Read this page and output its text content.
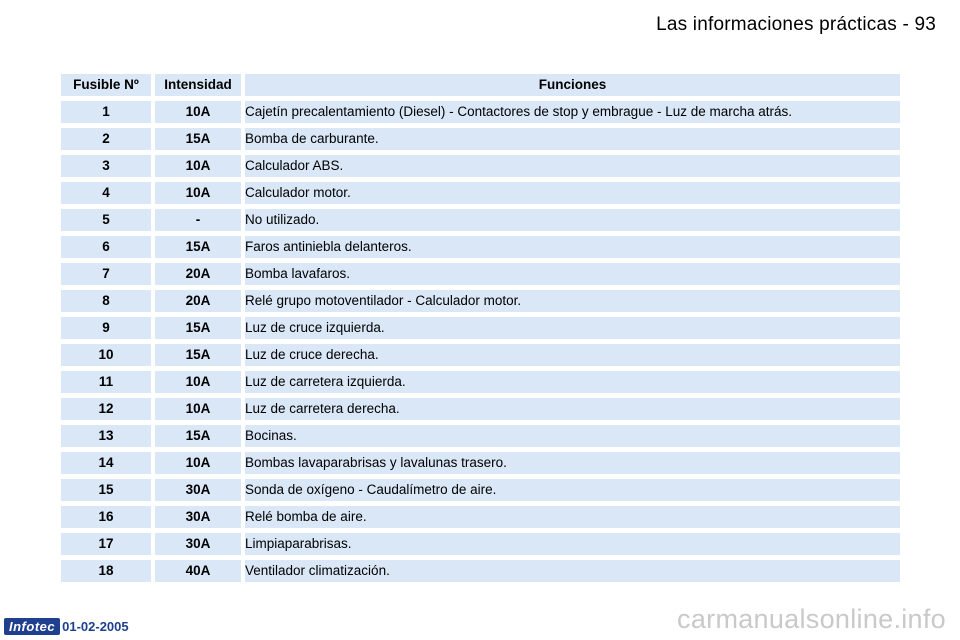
Las informaciones prácticas - 93
Fusible Nº	Intensidad	Funciones
1	10A	Cajetín precalentamiento (Diesel) - Contactores de stop y embrague - Luz de marcha atrás.
2	15A	Bomba de carburante.
3	10A	Calculador ABS.
4	10A	Calculador motor.
5	-	No utilizado.
6	15A	Faros antiniebla delanteros.
7	20A	Bomba lavafaros.
8	20A	Relé grupo motoventilador - Calculador motor.
9	15A	Luz de cruce izquierda.
10	15A	Luz de cruce derecha.
11	10A	Luz de carretera izquierda.
12	10A	Luz de carretera derecha.
13	15A	Bocinas.
14	10A	Bombas lavaparabrisas y lavalunas trasero.
15	30A	Sonda de oxígeno - Caudalímetro de aire.
16	30A	Relé bomba de aire.
17	30A	Limpiaparabrisas.
18	40A	Ventilador climatización.
Infotec 01-02-2005	carmanualsonline.info
